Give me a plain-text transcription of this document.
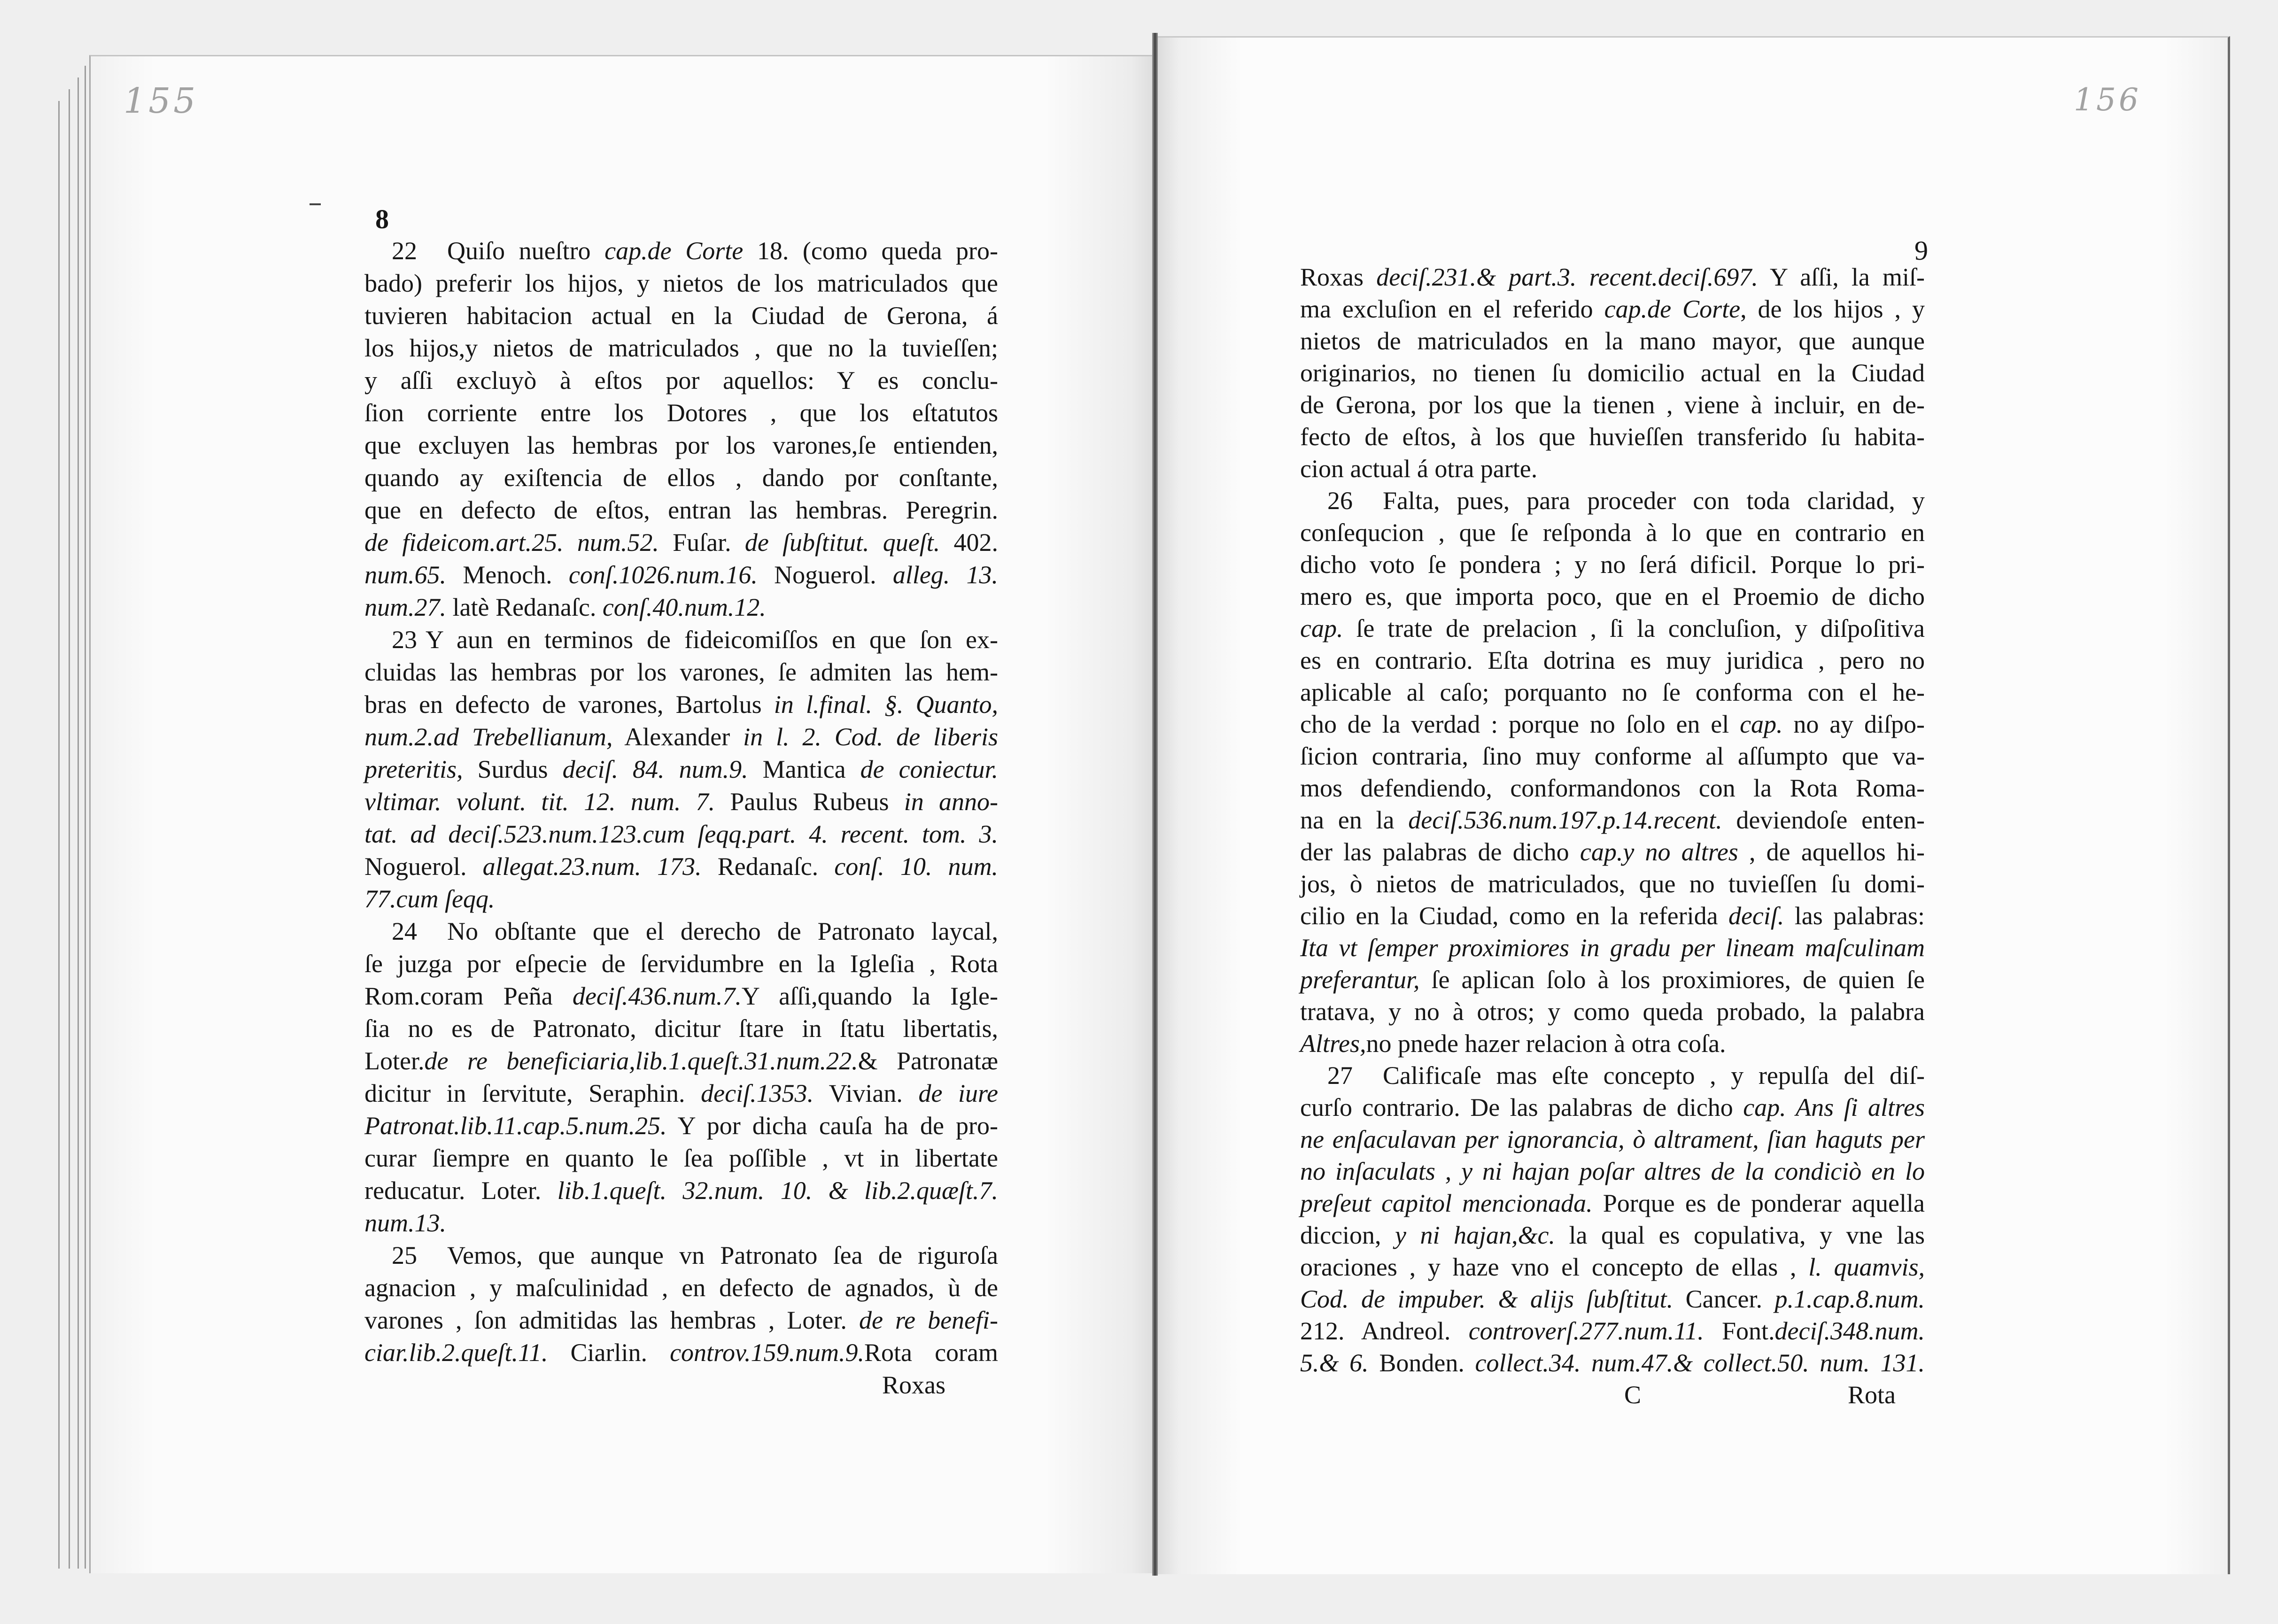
155
8
22 Quiſo nueſtro cap.de Corte 18. (como queda pro-
bado) preferir los hijos, y nietos de los matriculados que
tuvieren habitacion actual en la Ciudad de Gerona, á
los hijos,y nietos de matriculados , que no la tuvieſſen;
y aſſi excluyò à eſtos por aquellos: Y es conclu-
ſion corriente entre los Dotores , que los eſtatutos
que excluyen las hembras por los varones,ſe entienden,
quando ay exiſtencia de ellos , dando por conſtante,
que en defecto de eſtos, entran las hembras. Peregrin.
de fideicom.art.25. num.52. Fuſar. de ſubſtitut. queſt. 402.
num.65. Menoch. conſ.1026.num.16. Noguerol. alleg. 13.
num.27. latè Redanaſc. conſ.40.num.12.
23 Y aun en terminos de fideicomiſſos en que ſon ex-
cluidas las hembras por los varones, ſe admiten las hem-
bras en defecto de varones, Bartolus in l.final. §. Quanto,
num.2.ad Trebellianum, Alexander in l. 2. Cod. de liberis
preteritis, Surdus deciſ. 84. num.9. Mantica de coniectur.
vltimar. volunt. tit. 12. num. 7. Paulus Rubeus in anno-
tat. ad deciſ.523.num.123.cum ſeqq.part. 4. recent. tom. 3.
Noguerol. allegat.23.num. 173. Redanaſc. conſ. 10. num.
77.cum ſeqq.
24 No obſtante que el derecho de Patronato laycal,
ſe juzga por eſpecie de ſervidumbre en la Igleſia , Rota
Rom.coram Peña deciſ.436.num.7.Y aſſi,quando la Igle-
ſia no es de Patronato, dicitur ſtare in ſtatu libertatis,
Loter.de re beneficiaria,lib.1.queſt.31.num.22.& Patronatæ
dicitur in ſervitute, Seraphin. deciſ.1353. Vivian. de iure
Patronat.lib.11.cap.5.num.25. Y por dicha cauſa ha de pro-
curar ſiempre en quanto le ſea poſſible , vt in libertate
reducatur. Loter. lib.1.queſt. 32.num. 10. & lib.2.quæſt.7.
num.13.
25 Vemos, que aunque vn Patronato ſea de riguroſa
agnacion , y maſculinidad , en defecto de agnados, ù de
varones , ſon admitidas las hembras , Loter. de re benefi-
ciar.lib.2.queſt.11. Ciarlin. controv.159.num.9.Rota coram
Roxas
156
9
Roxas deciſ.231.& part.3. recent.deciſ.697. Y aſſi, la miſ-
ma excluſion en el referido cap.de Corte, de los hijos , y
nietos de matriculados en la mano mayor, que aunque
originarios, no tienen ſu domicilio actual en la Ciudad
de Gerona, por los que la tienen , viene à incluir, en de-
fecto de eſtos, à los que huvieſſen transferido ſu habita-
cion actual á otra parte.
26 Falta, pues, para proceder con toda claridad, y
conſequcion , que ſe reſponda à lo que en contrario en
dicho voto ſe pondera ; y no ſerá dificil. Porque lo pri-
mero es, que importa poco, que en el Proemio de dicho
cap. ſe trate de prelacion , ſi la concluſion, y diſpoſitiva
es en contrario. Eſta dotrina es muy juridica , pero no
aplicable al caſo; porquanto no ſe conforma con el he-
cho de la verdad : porque no ſolo en el cap. no ay diſpo-
ſicion contraria, ſino muy conforme al aſſumpto que va-
mos defendiendo, conformandonos con la Rota Roma-
na en la deciſ.536.num.197.p.14.recent. deviendoſe enten-
der las palabras de dicho cap.y no altres , de aquellos hi-
jos, ò nietos de matriculados, que no tuvieſſen ſu domi-
cilio en la Ciudad, como en la referida deciſ. las palabras:
Ita vt ſemper proximiores in gradu per lineam maſculinam
preferantur, ſe aplican ſolo à los proximiores, de quien ſe
tratava, y no à otros; y como queda probado, la palabra
Altres,no pnede hazer relacion à otra coſa.
27 Calificaſe mas eſte concepto , y repulſa del diſ-
curſo contrario. De las palabras de dicho cap. Ans ſi altres
ne enſaculavan per ignorancia, ò altrament, ſian haguts per
no inſaculats , y ni hajan poſar altres de la condiciò en lo
preſeut capitol mencionada. Porque es de ponderar aquella
diccion, y ni hajan,&c. la qual es copulativa, y vne las
oraciones , y haze vno el concepto de ellas , l. quamvis,
Cod. de impuber. & alijs ſubſtitut. Cancer. p.1.cap.8.num.
212. Andreol. controverſ.277.num.11. Font.deciſ.348.num.
5.& 6. Bonden. collect.34. num.47.& collect.50. num. 131.
C	Rota
